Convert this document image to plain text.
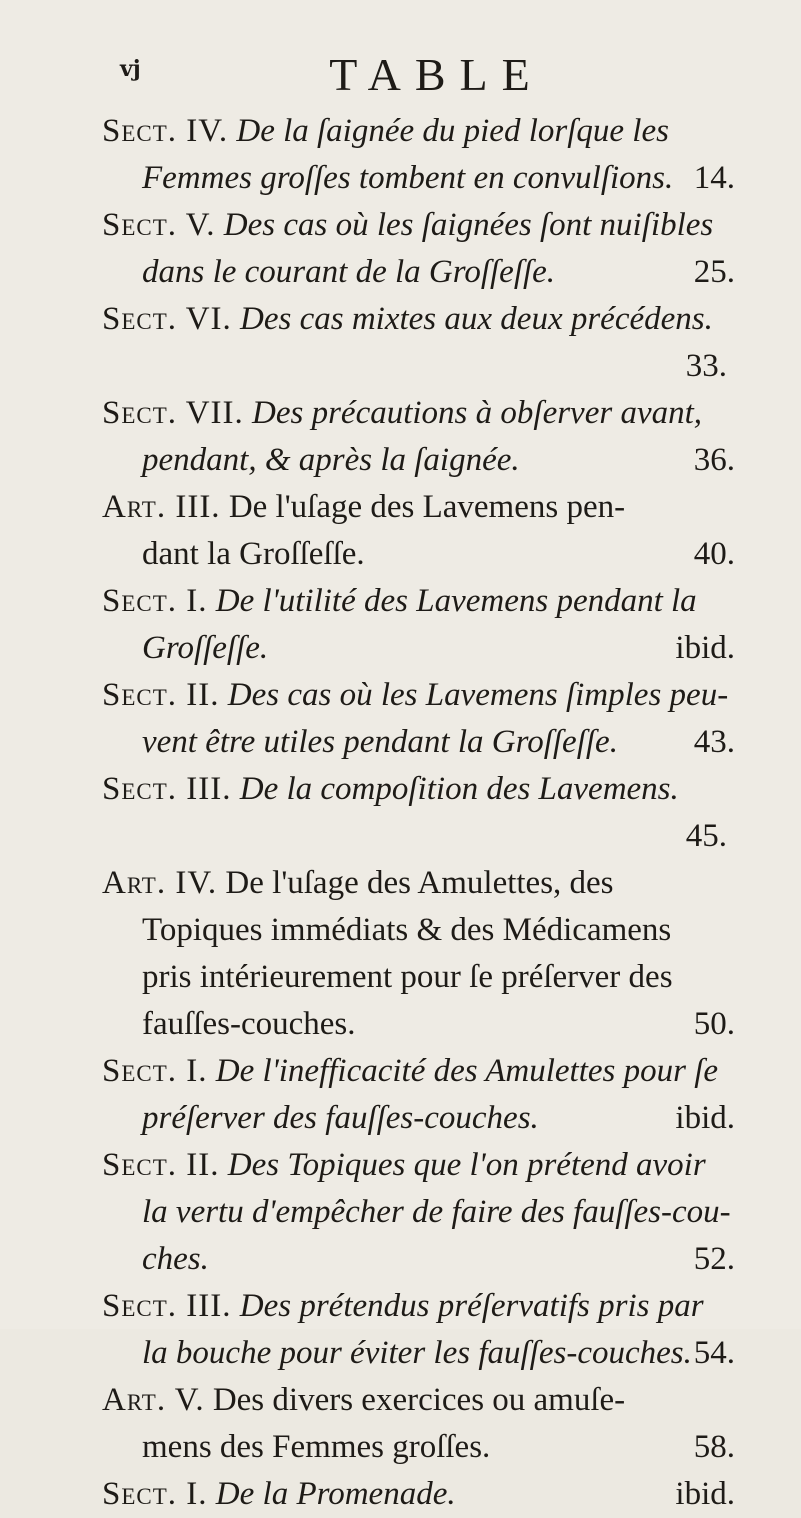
vj	TABLE
Sect. IV. De la ſaignée du pied lorſque les
14.
Femmes groſſes tombent en convulſions.
Sect. V. Des cas où les ſaignées ſont nuiſibles
25.
dans le courant de la Groſſeſſe.
Sect. VI. Des cas mixtes aux deux précédens.
33.
Sect. VII. Des précautions à obſerver avant,
36.
pendant, & après la ſaignée.
Art. III. De l'uſage des Lavemens pen-
40.
dant la Groſſeſſe.
Sect. I. De l'utilité des Lavemens pendant la
ibid.
Groſſeſſe.
Sect. II. Des cas où les Lavemens ſimples peu-
43.
vent être utiles pendant la Groſſeſſe.
Sect. III. De la compoſition des Lavemens.
45.
Art. IV. De l'uſage des Amulettes, des
Topiques immédiats & des Médicamens
pris intérieurement pour ſe préſerver des
50.
fauſſes-couches.
Sect. I. De l'inefficacité des Amulettes pour ſe
ibid.
préſerver des fauſſes-couches.
Sect. II. Des Topiques que l'on prétend avoir
la vertu d'empêcher de faire des fauſſes-cou-
52.
ches.
Sect. III. Des prétendus préſervatifs pris par
54.
la bouche pour éviter les fauſſes-couches.
Art. V. Des divers exercices ou amuſe-
58.
mens des Femmes groſſes.
Sect. I.	ibid.
De la Promenade.
